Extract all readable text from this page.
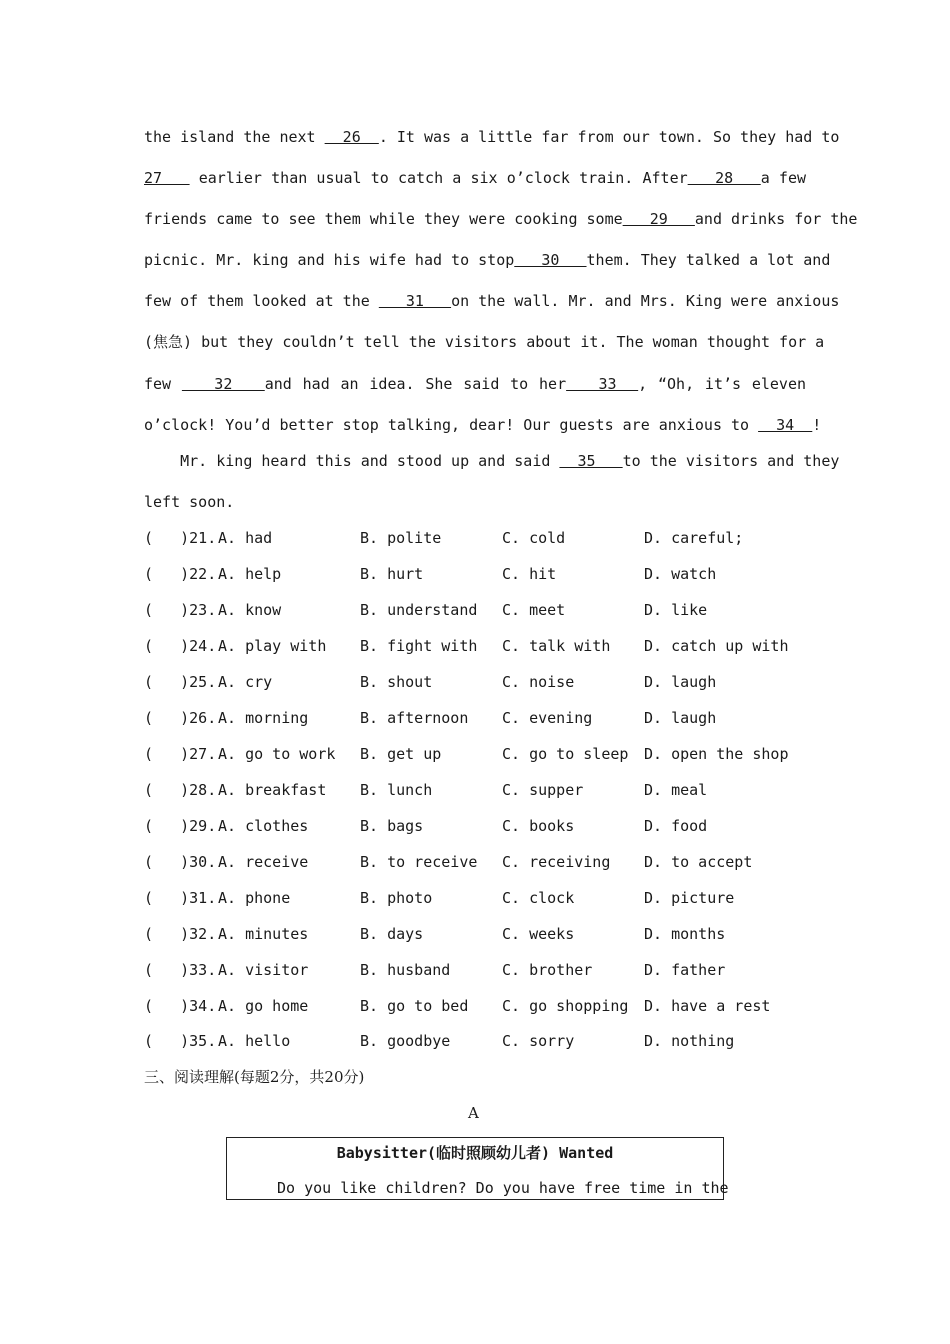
the island the next   26  . It was a little far from our town. So they had to
27    earlier than usual to catch a six o’clock train. After   28   a few
friends came to see them while they were cooking some   29   and drinks for the
picnic. Mr. king and his wife had to stop   30   them. They talked a lot and
few of them looked at the    31   on the wall. Mr. and Mrs. King were anxious
(焦急) but they couldn’t tell the visitors about it. The woman thought for a
few    32   and had an idea. She said to her   33  , “Oh, it’s eleven
o’clock! You’d better stop talking, dear! Our guests are anxious to   34  !
Mr. king heard this and stood up and said   35   to the visitors and they
left soon.
(   )21. A. had	B. polite	C. cold	D. careful;
(   )22. A. help	B. hurt	C. hit	D. watch
(   )23. A. know	B. understand C. meet	D. like
(   )24. A. play with B. fight with C. talk with D. catch up with
(   )25. A. cry	B. shout	C. noise	D. laugh
(   )26. A. morning	B. afternoon C. evening	D. laugh
(   )27. A. go to work B. get up	C. go to sleep D. open the shop
(   )28. A. breakfast B. lunch	C. supper	D. meal
(   )29. A. clothes	B. bags	C. books	D. food
(   )30. A. receive	B. to receive C. receiving D. to accept
(   )31. A. phone	B. photo	C. clock	D. picture
(   )32. A. minutes	B. days	C. weeks	D. months
(   )33. A. visitor	B. husband	C. brother	D. father
(   )34. A. go home	B. go to bed C. go shopping D. have a rest
(   )35. A. hello	B. goodbye	C. sorry	D. nothing
三、阅读理解(每题2分，共20分)
A
Babysitter(临时照顾幼儿者) Wanted
Do you like children? Do you have free time in the
